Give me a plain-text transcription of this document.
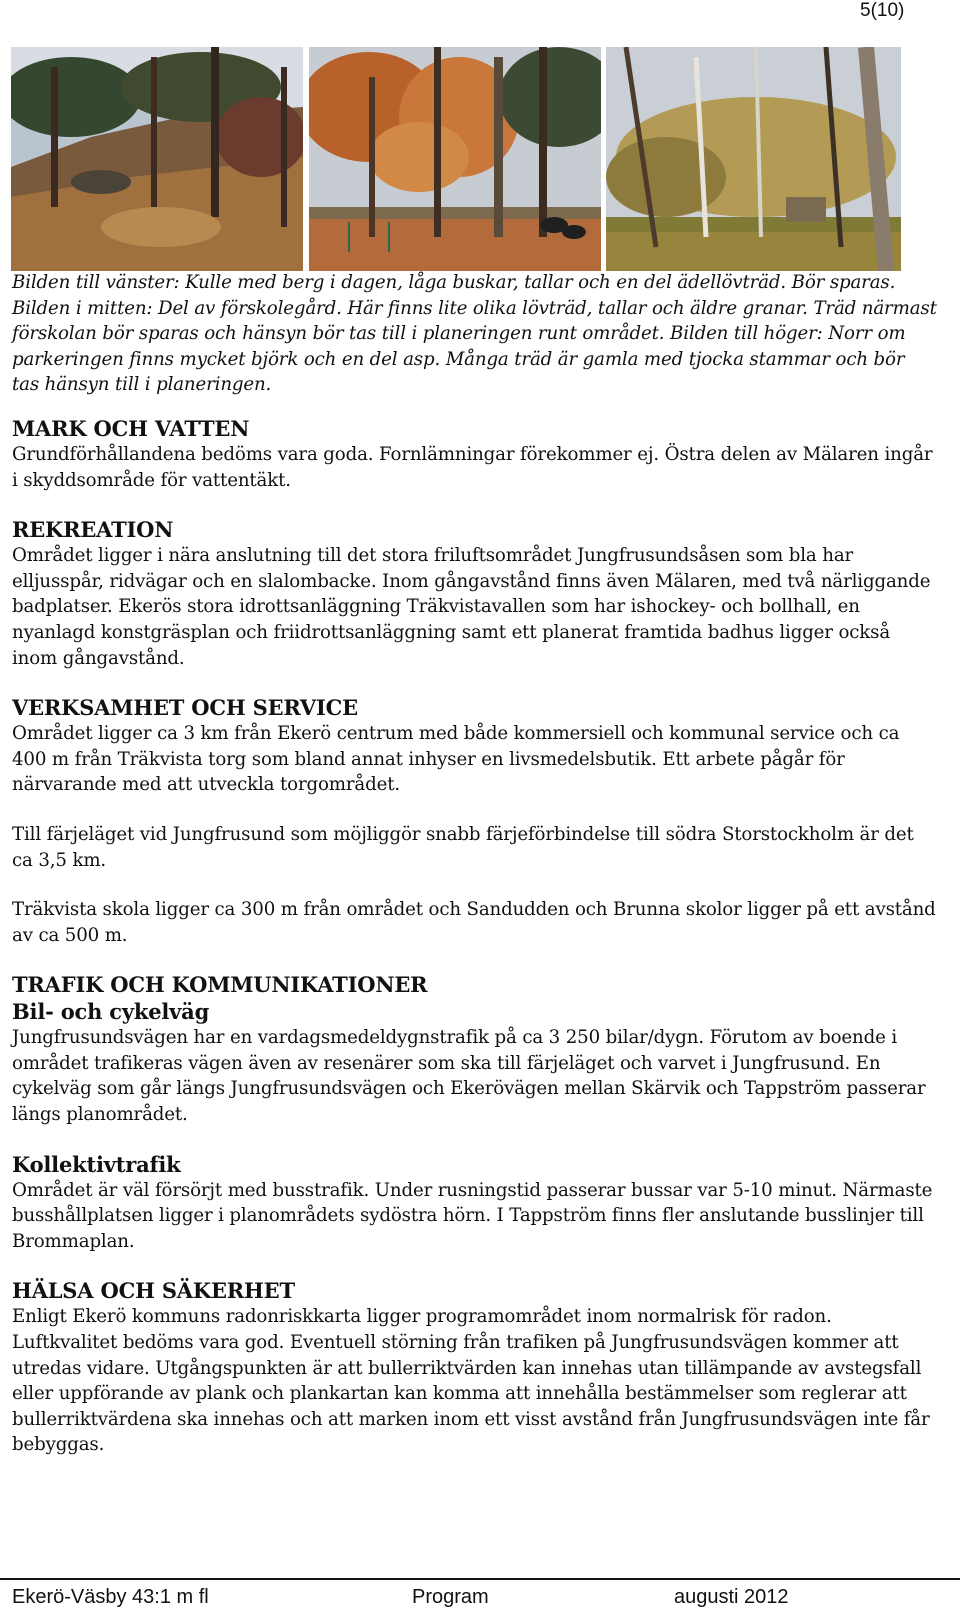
5(10)

Bilden till vänster: Kulle med berg i dagen, låga buskar, tallar och en del ädellövträd. Bör sparas. Bilden i mitten: Del av förskolegård. Här finns lite olika lövträd, tallar och äldre granar. Träd närmast förskolan bör sparas och hänsyn bör tas till i planeringen runt området. Bilden till höger: Norr om parkeringen finns mycket björk och en del asp. Många träd är gamla med tjocka stammar och bör tas hänsyn till i planeringen.

MARK OCH VATTEN

Grundförhållandena bedöms vara goda. Fornlämningar förekommer ej. Östra delen av Mälaren ingår i skyddsområde för vattentäkt.

REKREATION

Området ligger i nära anslutning till det stora friluftsområdet Jungfrusundsåsen som bla har elljusspår, ridvägar och en slalombacke. Inom gångavstånd finns även Mälaren, med två närliggande badplatser. Ekerös stora idrottsanläggning Träkvistavallen som har ishockey- och bollhall, en nyanlagd konstgräsplan och friidrottsanläggning samt ett planerat framtida badhus ligger också inom gångavstånd.

VERKSAMHET OCH SERVICE

Området ligger ca 3 km från Ekerö centrum med både kommersiell och kommunal service och ca 400 m från Träkvista torg som bland annat inhyser en livsmedelsbutik. Ett arbete pågår för närvarande med att utveckla torgområdet.

Till färjeläget vid Jungfrusund som möjliggör snabb färjeförbindelse till södra Storstockholm är det ca 3,5 km.

Träkvista skola ligger ca 300 m från området och Sandudden och Brunna skolor ligger på ett avstånd av ca 500 m.

TRAFIK OCH KOMMUNIKATIONER
Bil- och cykelväg

Jungfrusundsvägen har en vardagsmedeldygnstrafik på ca 3 250 bilar/dygn. Förutom av boende i området trafikeras vägen även av resenärer som ska till färjeläget och varvet i Jungfrusund. En cykelväg som går längs Jungfrusundsvägen och Ekerövägen mellan Skärvik och Tappström passerar längs planområdet.

Kollektivtrafik

Området är väl försörjt med busstrafik. Under rusningstid passerar bussar var 5-10 minut. Närmaste busshållplatsen ligger i planområdets sydöstra hörn. I Tappström finns fler anslutande busslinjer till Brommaplan.

HÄLSA OCH SÄKERHET

Enligt Ekerö kommuns radonriskkarta ligger programområdet inom normalrisk för radon. Luftkvalitet bedöms vara god. Eventuell störning från trafiken på Jungfrusundsvägen kommer att utredas vidare. Utgångspunkten är att bullerriktvärden kan innehas utan tillämpande av avstegsfall eller uppförande av plank och plankartan kan komma att innehålla bestämmelser som reglerar att bullerriktvärdena ska innehas och att marken inom ett visst avstånd från Jungfrusundsvägen inte får bebyggas.

Ekerö-Väsby 43:1 m fl	Program	augusti 2012
